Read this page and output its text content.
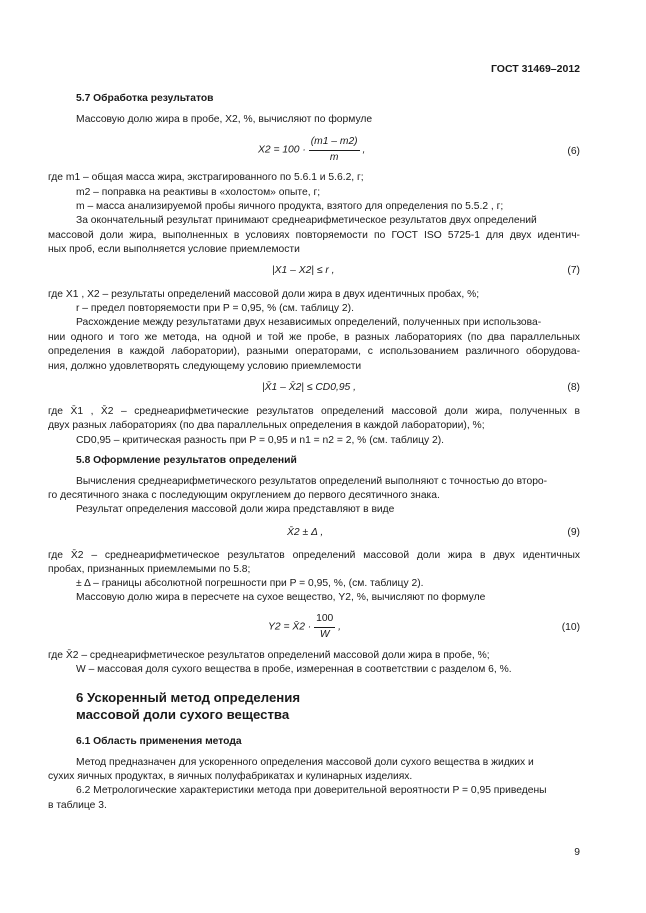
ГОСТ 31469–2012
5.7 Обработка результатов
Массовую долю жира в пробе, X2, %, вычисляют по формуле
$X2 = 100 \cdot \frac{(m1 - m2)}{m}$ ,	(6)
где m1 – общая масса жира, экстрагированного по 5.6.1 и 5.6.2, г;
m2 – поправка на реактивы в «холостом» опыте, г;
m – масса анализируемой пробы яичного продукта, взятого для определения по 5.5.2 , г;
За окончательный результат принимают среднеарифметическое результатов двух определений
массовой доли жира, выполненных в условиях повторяемости по ГОСТ ISO 5725-1 для двух идентич-
ных проб, если выполняется условие приемлемости
|X1 – X2| ≤ r ,	(7)
где X1 , X2 – результаты определений массовой доли жира в двух идентичных пробах, %;
r – предел повторяемости при P = 0,95, % (см. таблицу 2).
Расхождение между результатами двух независимых определений, полученных при использова-
нии одного и того же метода, на одной и той же пробе, в разных лабораториях (по два параллельных
определения в каждой лаборатории), разными операторами, с использованием различного оборудова-
ния, должно удовлетворять следующему условию приемлемости
|X̄1 – X̄2| ≤ CD0,95 ,	(8)
где X̄1 , X̄2 – среднеарифметические результатов определений массовой доли жира, полученных в
двух разных лабораториях (по два параллельных определения в каждой лаборатории), %;
CD0,95 – критическая разность при P = 0,95 и n1 = n2 = 2, % (см. таблицу 2).
5.8 Оформление результатов определений
Вычисления среднеарифметического результатов определений выполняют с точностью до второ-
го десятичного знака с последующим округлением до первого десятичного знака.
Результат определения массовой доли жира представляют в виде
X̄2 ± Δ ,	(9)
где X̄2 – среднеарифметическое результатов определений массовой доли жира в двух идентичных
пробах, признанных приемлемыми по 5.8;
± Δ – границы абсолютной погрешности при P = 0,95, %, (см. таблицу 2).
Массовую долю жира в пересчете на сухое вещество, Y2, %, вычисляют по формуле
Y2 = X̄2 · $\frac{100}{W}$ ,	(10)
где X̄2 – среднеарифметическое результатов определений массовой доли жира в пробе, %;
W – массовая доля сухого вещества в пробе, измеренная в соответствии с разделом 6, %.
6 Ускоренный метод определения
массовой доли сухого вещества
6.1 Область применения метода
Метод предназначен для ускоренного определения массовой доли сухого вещества в жидких и
сухих яичных продуктах, в яичных полуфабрикатах и кулинарных изделиях.
6.2 Метрологические характеристики метода при доверительной вероятности P = 0,95 приведены
в таблице 3.
9
